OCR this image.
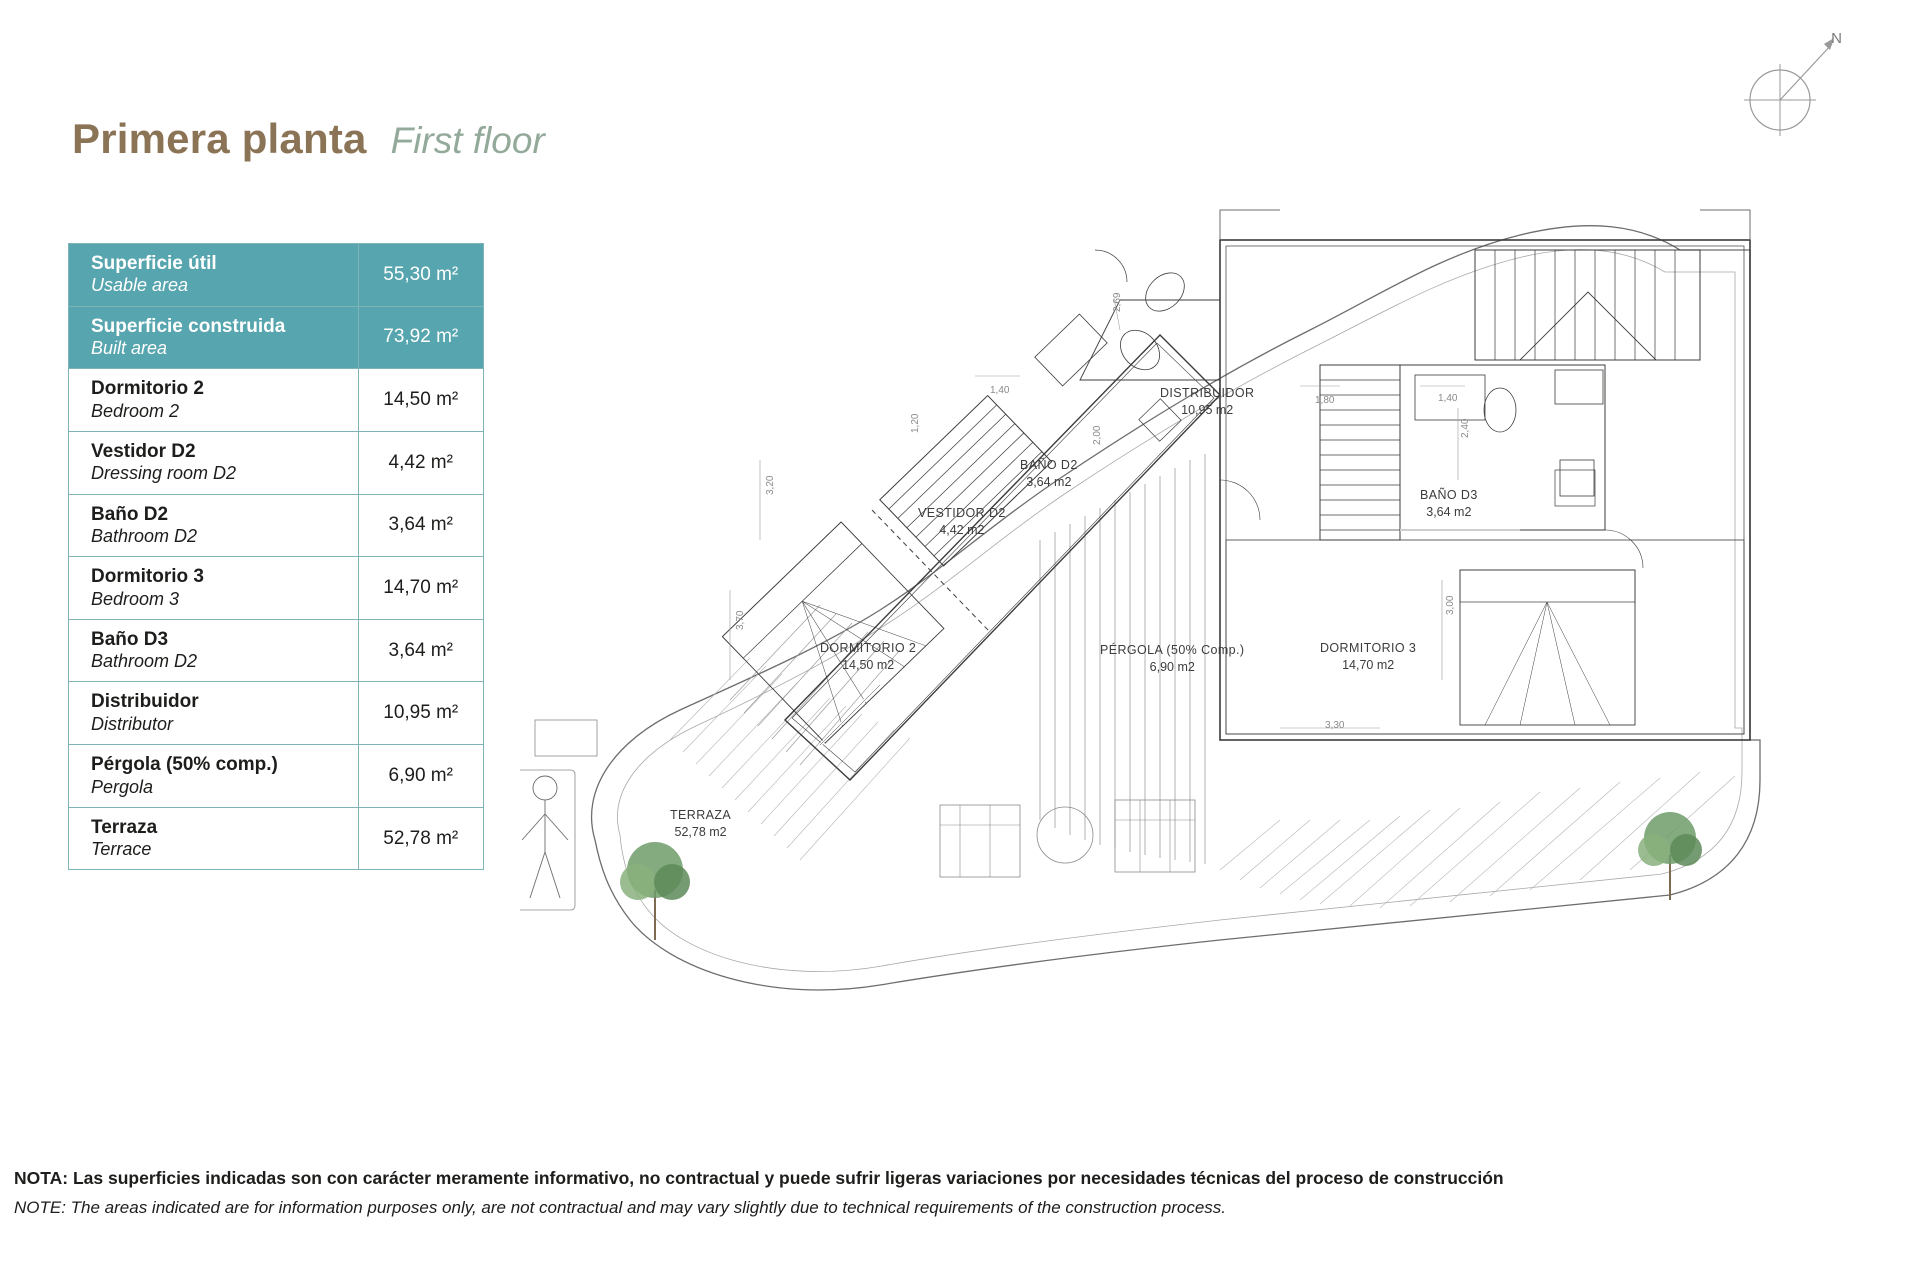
Primera planta First floor
N
Superficie útil
Usable area	55,30 m²

Superficie construida
Built area	73,92 m²

Dormitorio 2
Bedroom 2	14,50 m²

Vestidor D2
Dressing room D2	4,42 m²

Baño D2
Bathroom D2	3,64 m²

Dormitorio 3
Bedroom 3	14,70 m²

Baño D3
Bathroom D2	3,64 m²

Distribuidor
Distributor	10,95 m²

Pérgola (50% comp.)
Pergola	6,90 m²

Terraza
Terrace	52,78 m²
DISTRIBUIDOR
10,95 m2
BAÑO D2
3,64 m2
VESTIDOR D2
4,42 m2
BAÑO D3
3,64 m2
DORMITORIO 2
14,50 m2
PÉRGOLA (50% Comp.)
6,90 m2
DORMITORIO 3
14,70 m2
TERRAZA
52,78 m2
2,69
1,40
1,80	1,40
2,00
1,20	2,40
3,20
3,70
3,00
3,30
NOTA: Las superficies indicadas son con carácter meramente informativo, no contractual y puede sufrir ligeras variaciones por necesidades técnicas del proceso de construcción
NOTE: The areas indicated are for information purposes only, are not contractual and may vary slightly due to technical requirements of the construction process.
